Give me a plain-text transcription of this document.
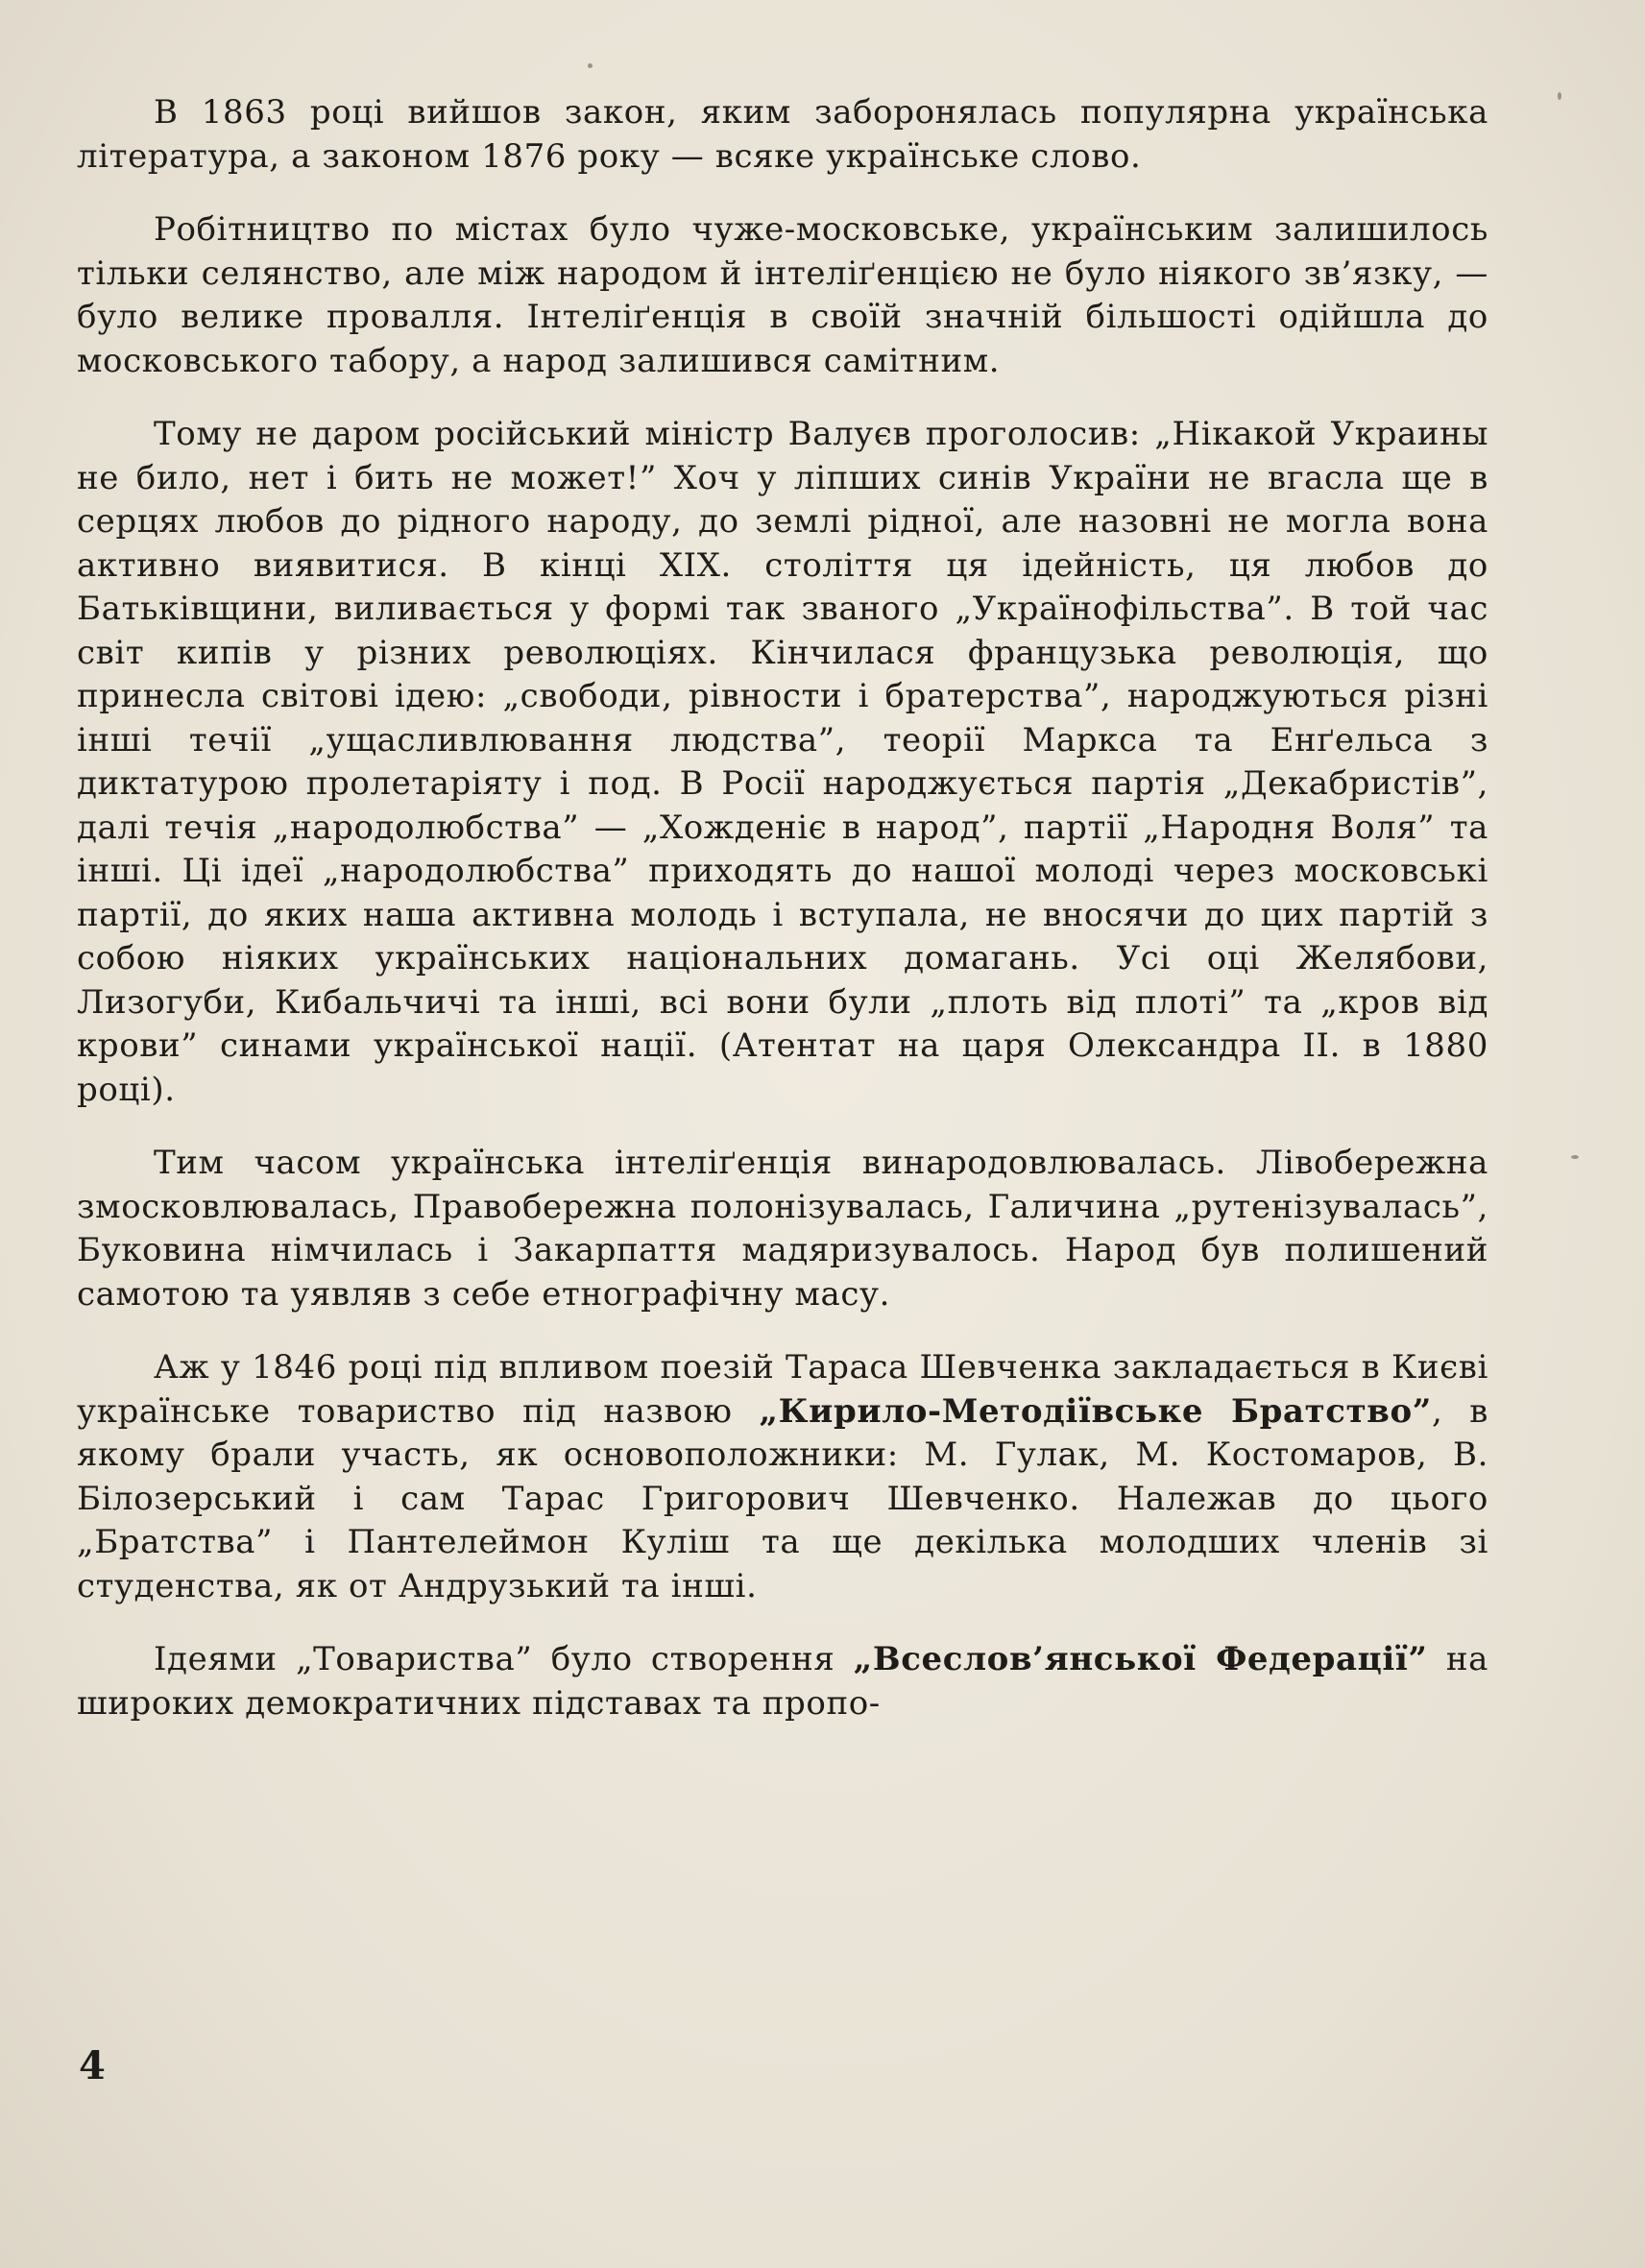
В 1863 році вийшов закон, яким заборонялась популярна українська література, а законом 1876 року — всяке українське слово.

Робітництво по містах було чуже-московське, українським залишилось тільки селянство, але між народом й інтеліґенцією не було ніякого зв’язку, — було велике провалля. Інтеліґенція в своїй значній більшості одійшла до московського табору, а народ залишився самітним.

Тому не даром російський міністр Валуєв проголосив: „Нікакой Украины не било, нет і бить не может!” Хоч у ліпших синів України не вгасла ще в серцях любов до рідного народу, до землі рідної, але назовні не могла вона активно виявитися. В кінці XIX. століття ця ідейність, ця любов до Батьківщини, виливається у формі так званого „Українофільства”. В той час світ кипів у різних революціях. Кінчилася французька революція, що принесла світові ідею: „свободи, рівности і братерства”, народжуються різні інші течії „ущасливлювання людства”, теорії Маркса та Енґельса з диктатурою пролетаріяту і под. В Росії народжується партія „Декабристів”, далі течія „народолюбства” — „Хожденіє в народ”, партії „Народня Воля” та інші. Ці ідеї „народолюбства” приходять до нашої молоді через московські партії, до яких наша активна молодь і вступала, не вносячи до цих партій з собою ніяких українських національних домагань. Усі оці Желябови, Лизогуби, Кибальчичі та інші, всі вони були „плоть від плоті” та „кров від крови” синами української нації. (Атентат на царя Олександра II. в 1880 році).

Тим часом українська інтеліґенція винародовлювалась. Лівобережна змосковлювалась, Правобережна полонізувалась, Галичина „рутенізувалась”, Буковина німчилась і Закарпаття мадяризувалось. Народ був полишений самотою та уявляв з себе етнографічну масу.

Аж у 1846 році під впливом поезій Тараса Шевченка закладається в Києві українське товариство під назвою „Кирило-Методіївське Братство”, в якому брали участь, як основоположники: М. Гулак, М. Костомаров, В. Білозерський і сам Тарас Григорович Шевченко. Належав до цього „Братства” і Пантелеймон Куліш та ще декілька молодших членів зі студенства, як от Андрузький та інші.

Ідеями „Товариства” було створення „Всеслов’янської Федерації” на широких демократичних підставах та пропо-

4
